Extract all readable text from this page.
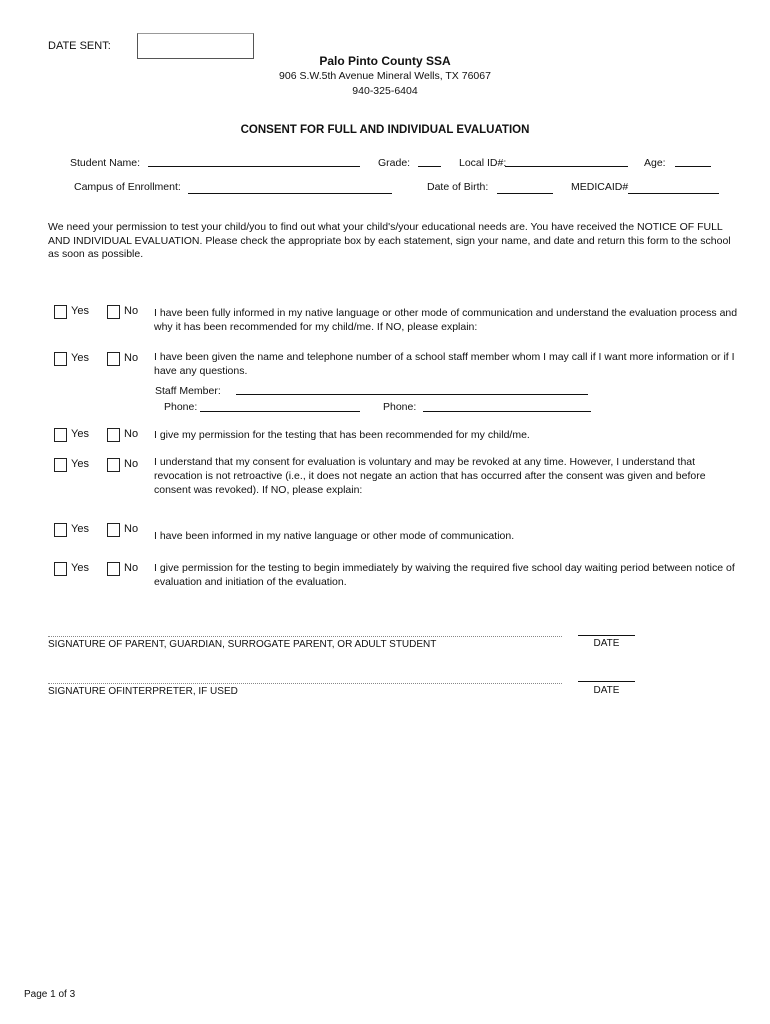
DATE SENT:
Palo Pinto County SSA
906 S.W.5th Avenue Mineral Wells, TX 76067
940-325-6404
CONSENT FOR FULL AND INDIVIDUAL EVALUATION
Student Name:	Grade:	Local ID#:	Age:
Campus of Enrollment:	Date of Birth:	MEDICAID#
We need your permission to test your child/you to find out what your child's/your educational needs are. You have received the NOTICE OF FULL AND INDIVIDUAL EVALUATION. Please check the appropriate box by each statement, sign your name, and date and return this form to the school as soon as possible.
Yes	No I have been fully informed in my native language or other mode of communication and understand the evaluation process and why it has been recommended for my child/me. If NO, please explain:
Yes	No I have been given the name and telephone number of a school staff member whom I may call if I want more information or if I have any questions.
Staff Member:
Phone:	Phone:
Yes	No I give my permission for the testing that has been recommended for my child/me.
Yes	No I understand that my consent for evaluation is voluntary and may be revoked at any time. However, I understand that revocation is not retroactive (i.e., it does not negate an action that has occurred after the consent was given and before consent was revoked). If NO, please explain:
Yes	No
I have been informed in my native language or other mode of communication.
Yes	No I give permission for the testing to begin immediately by waiving the required five school day waiting period between notice of evaluation and initiation of the evaluation.
SIGNATURE OF PARENT, GUARDIAN, SURROGATE PARENT, OR ADULT STUDENT	DATE
SIGNATURE OFINTERPRETER, IF USED	DATE
Page 1 of 3
